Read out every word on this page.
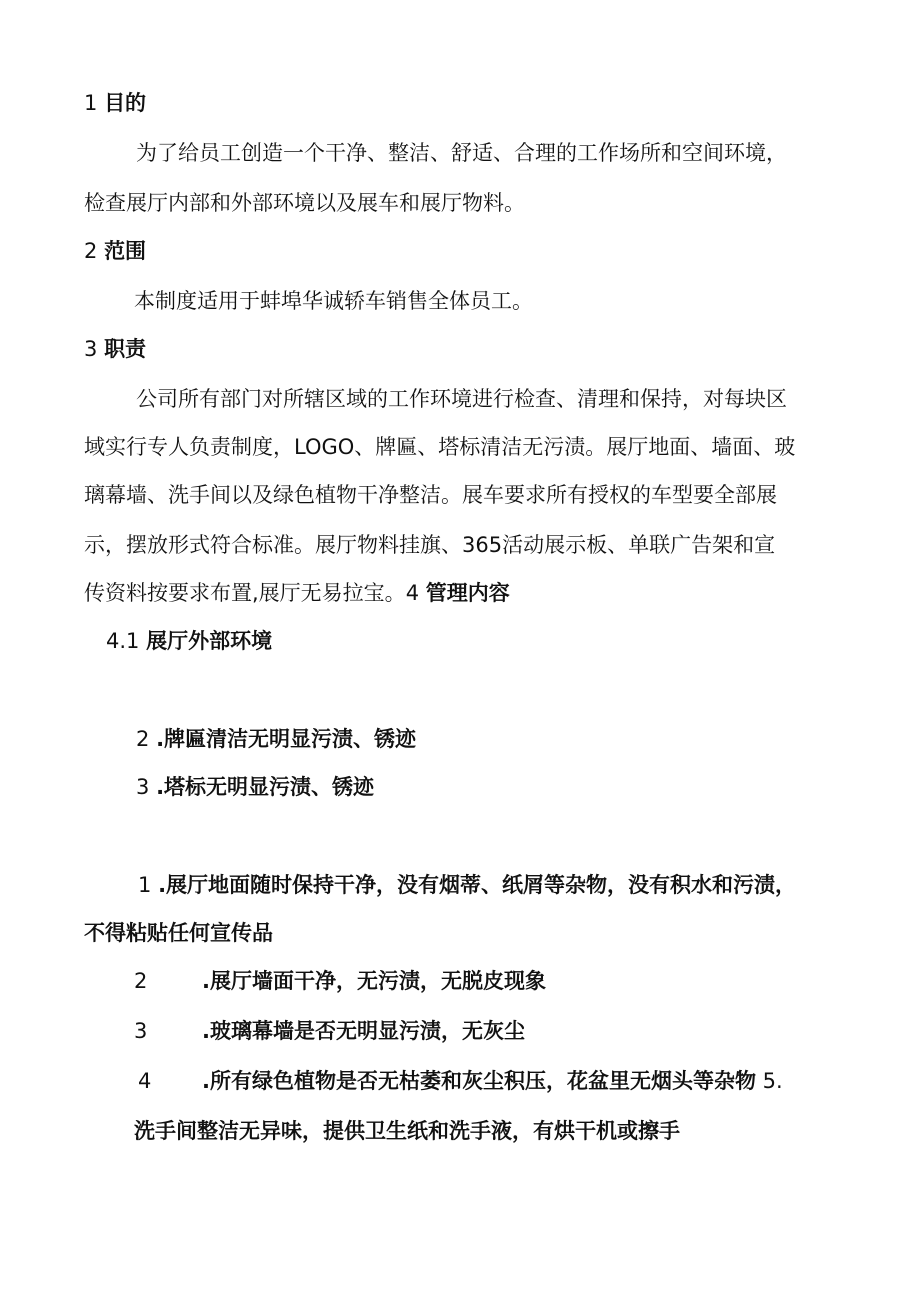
1 目的
为了给员工创造一个干净、整洁、舒适、合理的工作场所和空间环境，
检查展厅内部和外部环境以及展车和展厅物料。
2 范围
本制度适用于蚌埠华诚轿车销售全体员工。
3 职责
公司所有部门对所辖区域的工作环境进行检查、清理和保持，对每块区
域实行专人负责制度，LOGO、牌匾、塔标清洁无污渍。展厅地面、墙面、玻
璃幕墙、洗手间以及绿色植物干净整洁。展车要求所有授权的车型要全部展
示，摆放形式符合标准。展厅物料挂旗、365活动展示板、单联广告架和宣
传资料按要求布置,展厅无易拉宝。4 管理内容
4.1 展厅外部环境
2 .牌匾清洁无明显污渍、锈迹
3 .塔标无明显污渍、锈迹
1 .展厅地面随时保持干净，没有烟蒂、纸屑等杂物，没有积水和污渍，
不得粘贴任何宣传品
2	.展厅墙面干净，无污渍，无脱皮现象
3	.玻璃幕墙是否无明显污渍，无灰尘
4 .所有绿色植物是否无枯萎和灰尘积压，花盆里无烟头等杂物 5.
洗手间整洁无异味，提供卫生纸和洗手液，有烘干机或擦手
